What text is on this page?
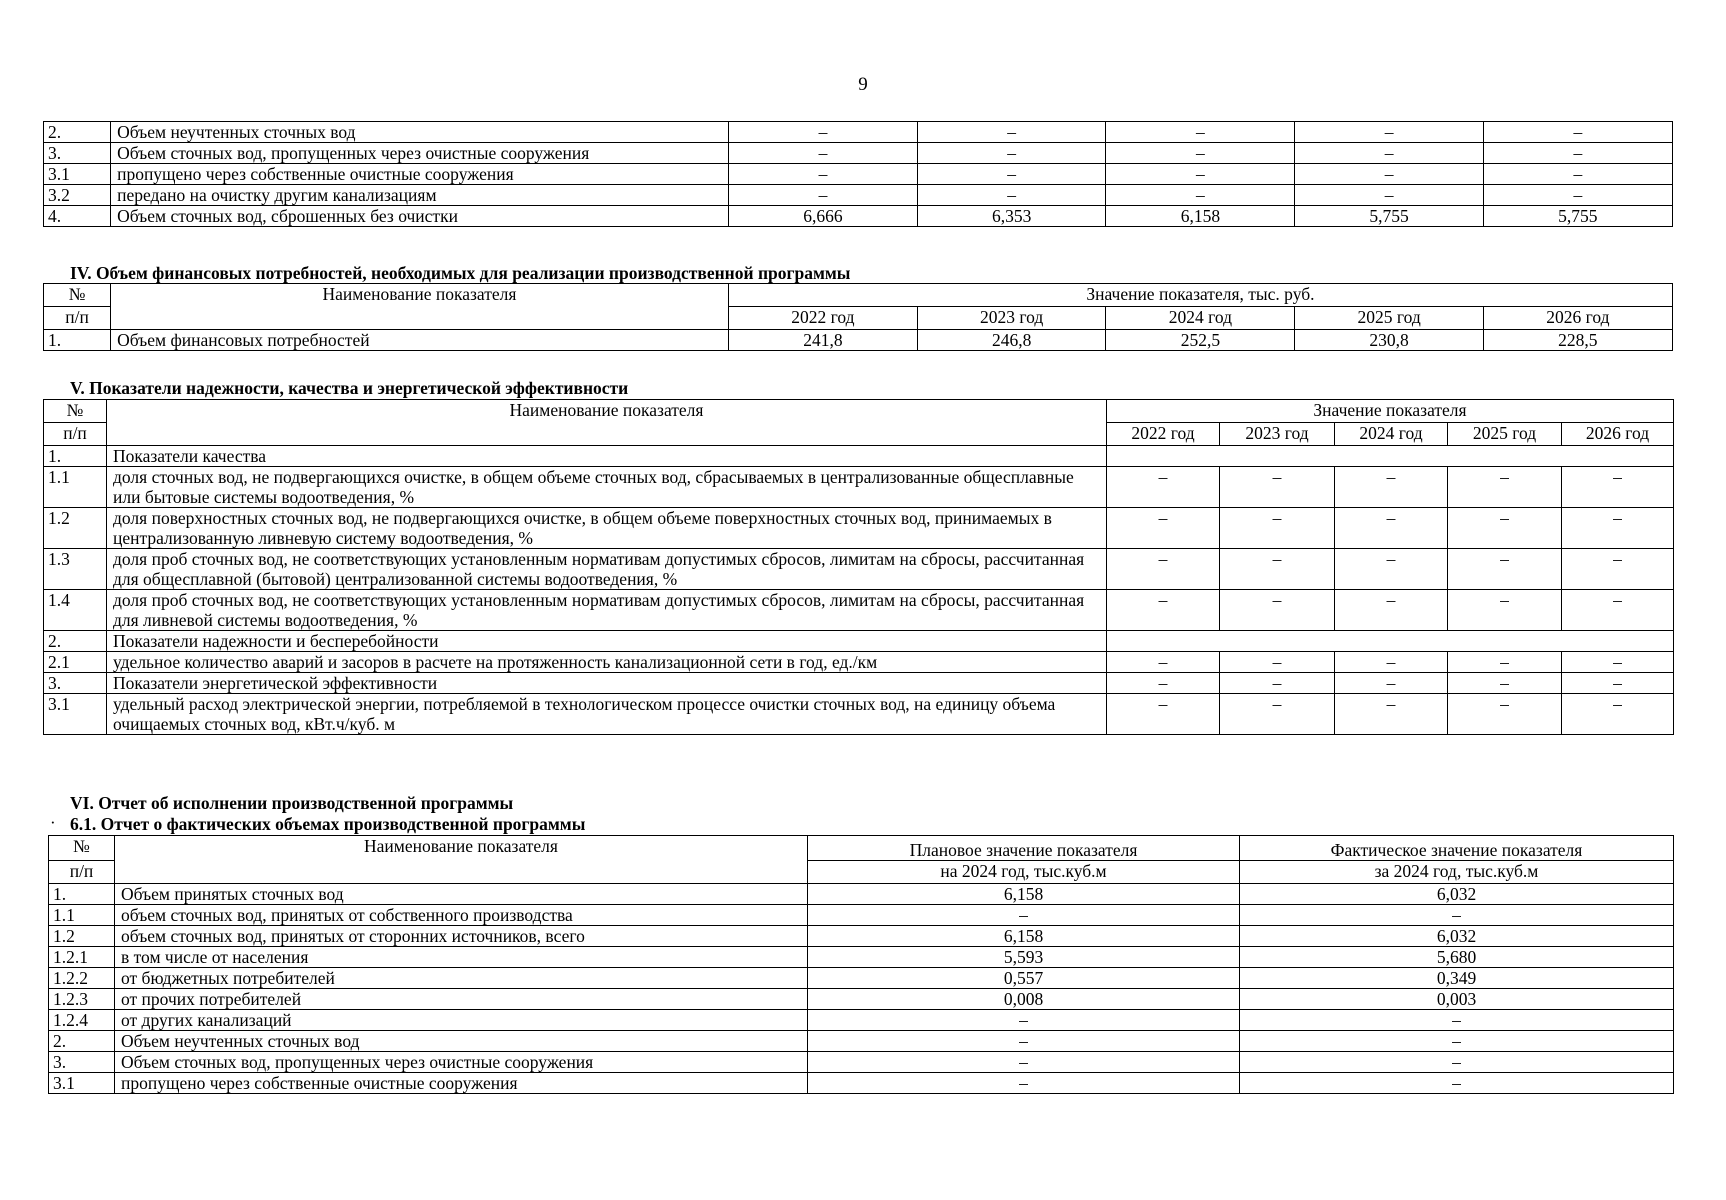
9
2.	Объем неучтенных сточных вод	–	–	–	–	–
3.	Объем сточных вод, пропущенных через очистные сооружения	–	–	–	–	–
3.1	пропущено через собственные очистные сооружения	–	–	–	–	–
3.2	передано на очистку другим канализациям	–	–	–	–	–
4.	Объем сточных вод, сброшенных без очистки	6,666	6,353	6,158	5,755	5,755
IV. Объем финансовых потребностей, необходимых для реализации производственной программы
№	Наименование показателя	Значение показателя, тыс. руб.				
п/п		2022 год	2023 год	2024 год	2025 год	2026 год
1.	Объем финансовых потребностей	241,8	246,8	252,5	230,8	228,5
V. Показатели надежности, качества и энергетической эффективности
№	Наименование показателя	Значение показателя				
п/п		2022 год	2023 год	2024 год	2025 год	2026 год
1.	Показатели качества					
1.1	доля сточных вод, не подвергающихся очистке, в общем объеме сточных вод, сбрасываемых в централизованные общесплавные или бытовые системы водоотведения, %	–	–	–	–	–
1.2	доля поверхностных сточных вод, не подвергающихся очистке, в общем объеме поверхностных сточных вод, принимаемых в централизованную ливневую систему водоотведения, %	–	–	–	–	–
1.3	доля проб сточных вод, не соответствующих установленным нормативам допустимых сбросов, лимитам на сбросы, рассчитанная для общесплавной (бытовой) централизованной системы водоотведения, %	–	–	–	–	–
1.4	доля проб сточных вод, не соответствующих установленным нормативам допустимых сбросов, лимитам на сбросы, рассчитанная для ливневой системы водоотведения, %	–	–	–	–	–
2.	Показатели надежности и бесперебойности					
2.1	удельное количество аварий и засоров в расчете на протяженность канализационной сети в год, ед./км	–	–	–	–	–
3.	Показатели энергетической эффективности	–	–	–	–	–
3.1	удельный расход электрической энергии, потребляемой в технологическом процессе очистки сточных вод, на единицу объема очищаемых сточных вод, кВт.ч/куб. м	–	–	–	–	–
VI. Отчет об исполнении производственной программы
· 6.1. Отчет о фактических объемах производственной программы
№	Наименование показателя	Плановое значение показателя	Фактическое значение показателя
п/п		на 2024 год, тыс.куб.м	за 2024 год, тыс.куб.м
1.	Объем принятых сточных вод	6,158	6,032
1.1	объем сточных вод, принятых от собственного производства	–	–
1.2	объем сточных вод, принятых от сторонних источников, всего	6,158	6,032
1.2.1	в том числе от населения	5,593	5,680
1.2.2	от бюджетных потребителей	0,557	0,349
1.2.3	от прочих потребителей	0,008	0,003
1.2.4	от других канализаций	–	–
2.	Объем неучтенных сточных вод	–	–
3.	Объем сточных вод, пропущенных через очистные сооружения	–	–
3.1	пропущено через собственные очистные сооружения	–	–
